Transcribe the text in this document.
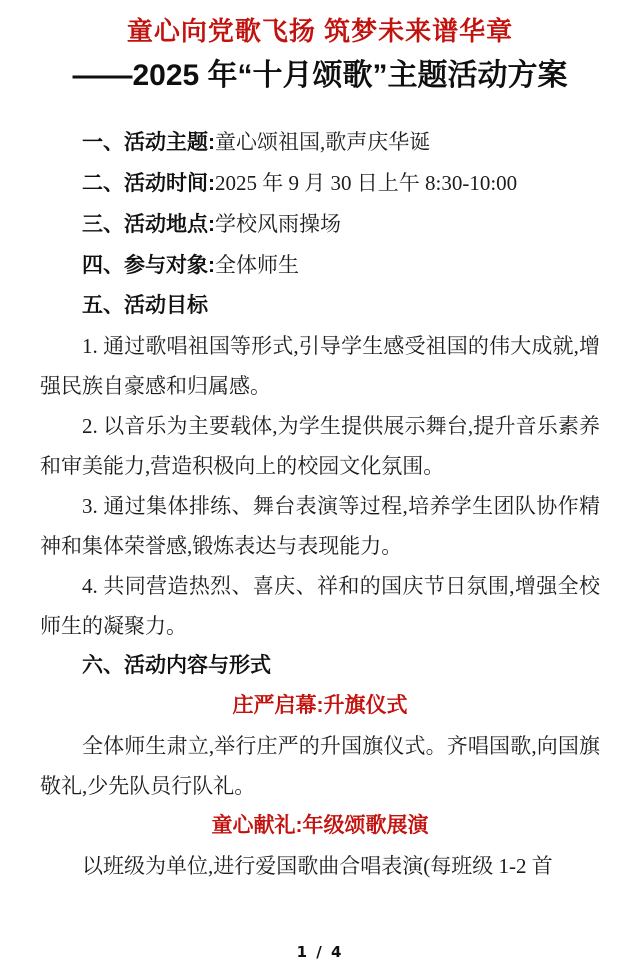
童心向党歌飞扬 筑梦未来谱华章
——2025 年“十月颂歌”主题活动方案

一、活动主题:童心颂祖国,歌声庆华诞

二、活动时间:2025 年 9 月 30 日上午 8:30-10:00

三、活动地点:学校风雨操场

四、参与对象:全体师生

五、活动目标

1. 通过歌唱祖国等形式,引导学生感受祖国的伟大成就,增强民族自豪感和归属感。

2. 以音乐为主要载体,为学生提供展示舞台,提升音乐素养和审美能力,营造积极向上的校园文化氛围。

3. 通过集体排练、舞台表演等过程,培养学生团队协作精神和集体荣誉感,锻炼表达与表现能力。

4. 共同营造热烈、喜庆、祥和的国庆节日氛围,增强全校师生的凝聚力。

六、活动内容与形式

庄严启幕:升旗仪式

全体师生肃立,举行庄严的升国旗仪式。齐唱国歌,向国旗敬礼,少先队员行队礼。

童心献礼:年级颂歌展演

以班级为单位,进行爱国歌曲合唱表演(每班级 1-2 首

1 / 4
